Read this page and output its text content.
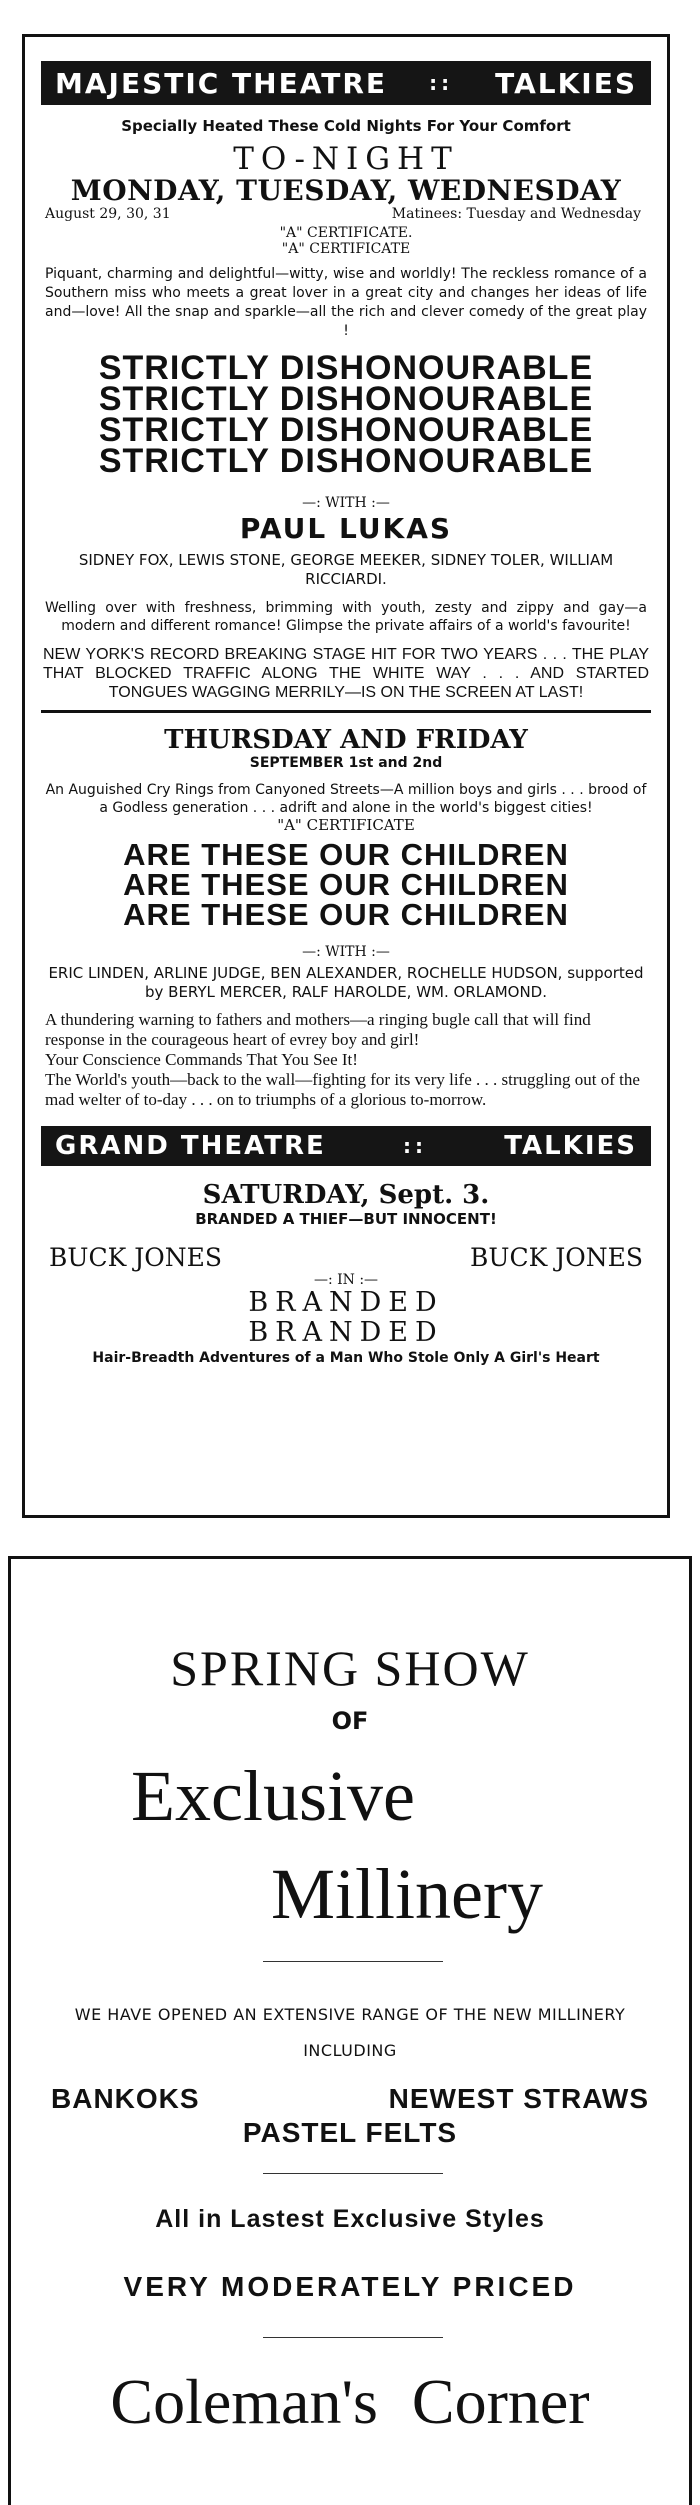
MAJESTIC THEATRE :: TALKIES
Specially Heated These Cold Nights For Your Comfort
TO-NIGHT
MONDAY, TUESDAY, WEDNESDAY
August 29, 30, 31	Matinees: Tuesday and Wednesday
"A" CERTIFICATE.
"A" CERTIFICATE
Piquant, charming and delightful—witty, wise and worldly! The reckless romance of a Southern miss who meets a great lover in a great city and changes her ideas of life and—love! All the snap and sparkle—all the rich and clever comedy of the great play !
STRICTLY DISHONOURABLE
STRICTLY DISHONOURABLE
STRICTLY DISHONOURABLE
STRICTLY DISHONOURABLE
—: WITH :—
PAUL LUKAS
SIDNEY FOX, LEWIS STONE, GEORGE MEEKER, SIDNEY TOLER, WILLIAM RICCIARDI.
Welling over with freshness, brimming with youth, zesty and zippy and gay—a modern and different romance! Glimpse the private affairs of a world's favourite!
NEW YORK'S RECORD BREAKING STAGE HIT FOR TWO YEARS . . . THE PLAY THAT BLOCKED TRAFFIC ALONG THE WHITE WAY . . . AND STARTED TONGUES WAGGING MERRILY—IS ON THE SCREEN AT LAST!
THURSDAY AND FRIDAY
SEPTEMBER 1st and 2nd
An Auguished Cry Rings from Canyoned Streets—A million boys and girls . . . brood of a Godless generation . . . adrift and alone in the world's biggest cities!
"A" CERTIFICATE
ARE THESE OUR CHILDREN
ARE THESE OUR CHILDREN
ARE THESE OUR CHILDREN
—: WITH :—
ERIC LINDEN, ARLINE JUDGE, BEN ALEXANDER, ROCHELLE HUDSON, supported by BERYL MERCER, RALF HAROLDE, WM. ORLAMOND.
A thundering warning to fathers and mothers—a ringing bugle call that will find response in the courageous heart of evrey boy and girl!
Your Conscience Commands That You See It!
The World's youth—back to the wall—fighting for its very life . . . struggling out of the mad welter of to-day . . . on to triumphs of a glorious to-morrow.
GRAND THEATRE	::	TALKIES
SATURDAY, Sept. 3.
BRANDED A THIEF—BUT INNOCENT!
BUCK JONES	BUCK JONES
—: IN :—
BRANDED
BRANDED
Hair-Breadth Adventures of a Man Who Stole Only A Girl's Heart
SPRING SHOW
OF
Exclusive
Millinery
WE HAVE OPENED AN EXTENSIVE RANGE OF THE NEW MILLINERY INCLUDING
BANKOKS	NEWEST STRAWS
PASTEL FELTS
All in Lastest Exclusive Styles
VERY MODERATELY PRICED
Coleman's Corner
